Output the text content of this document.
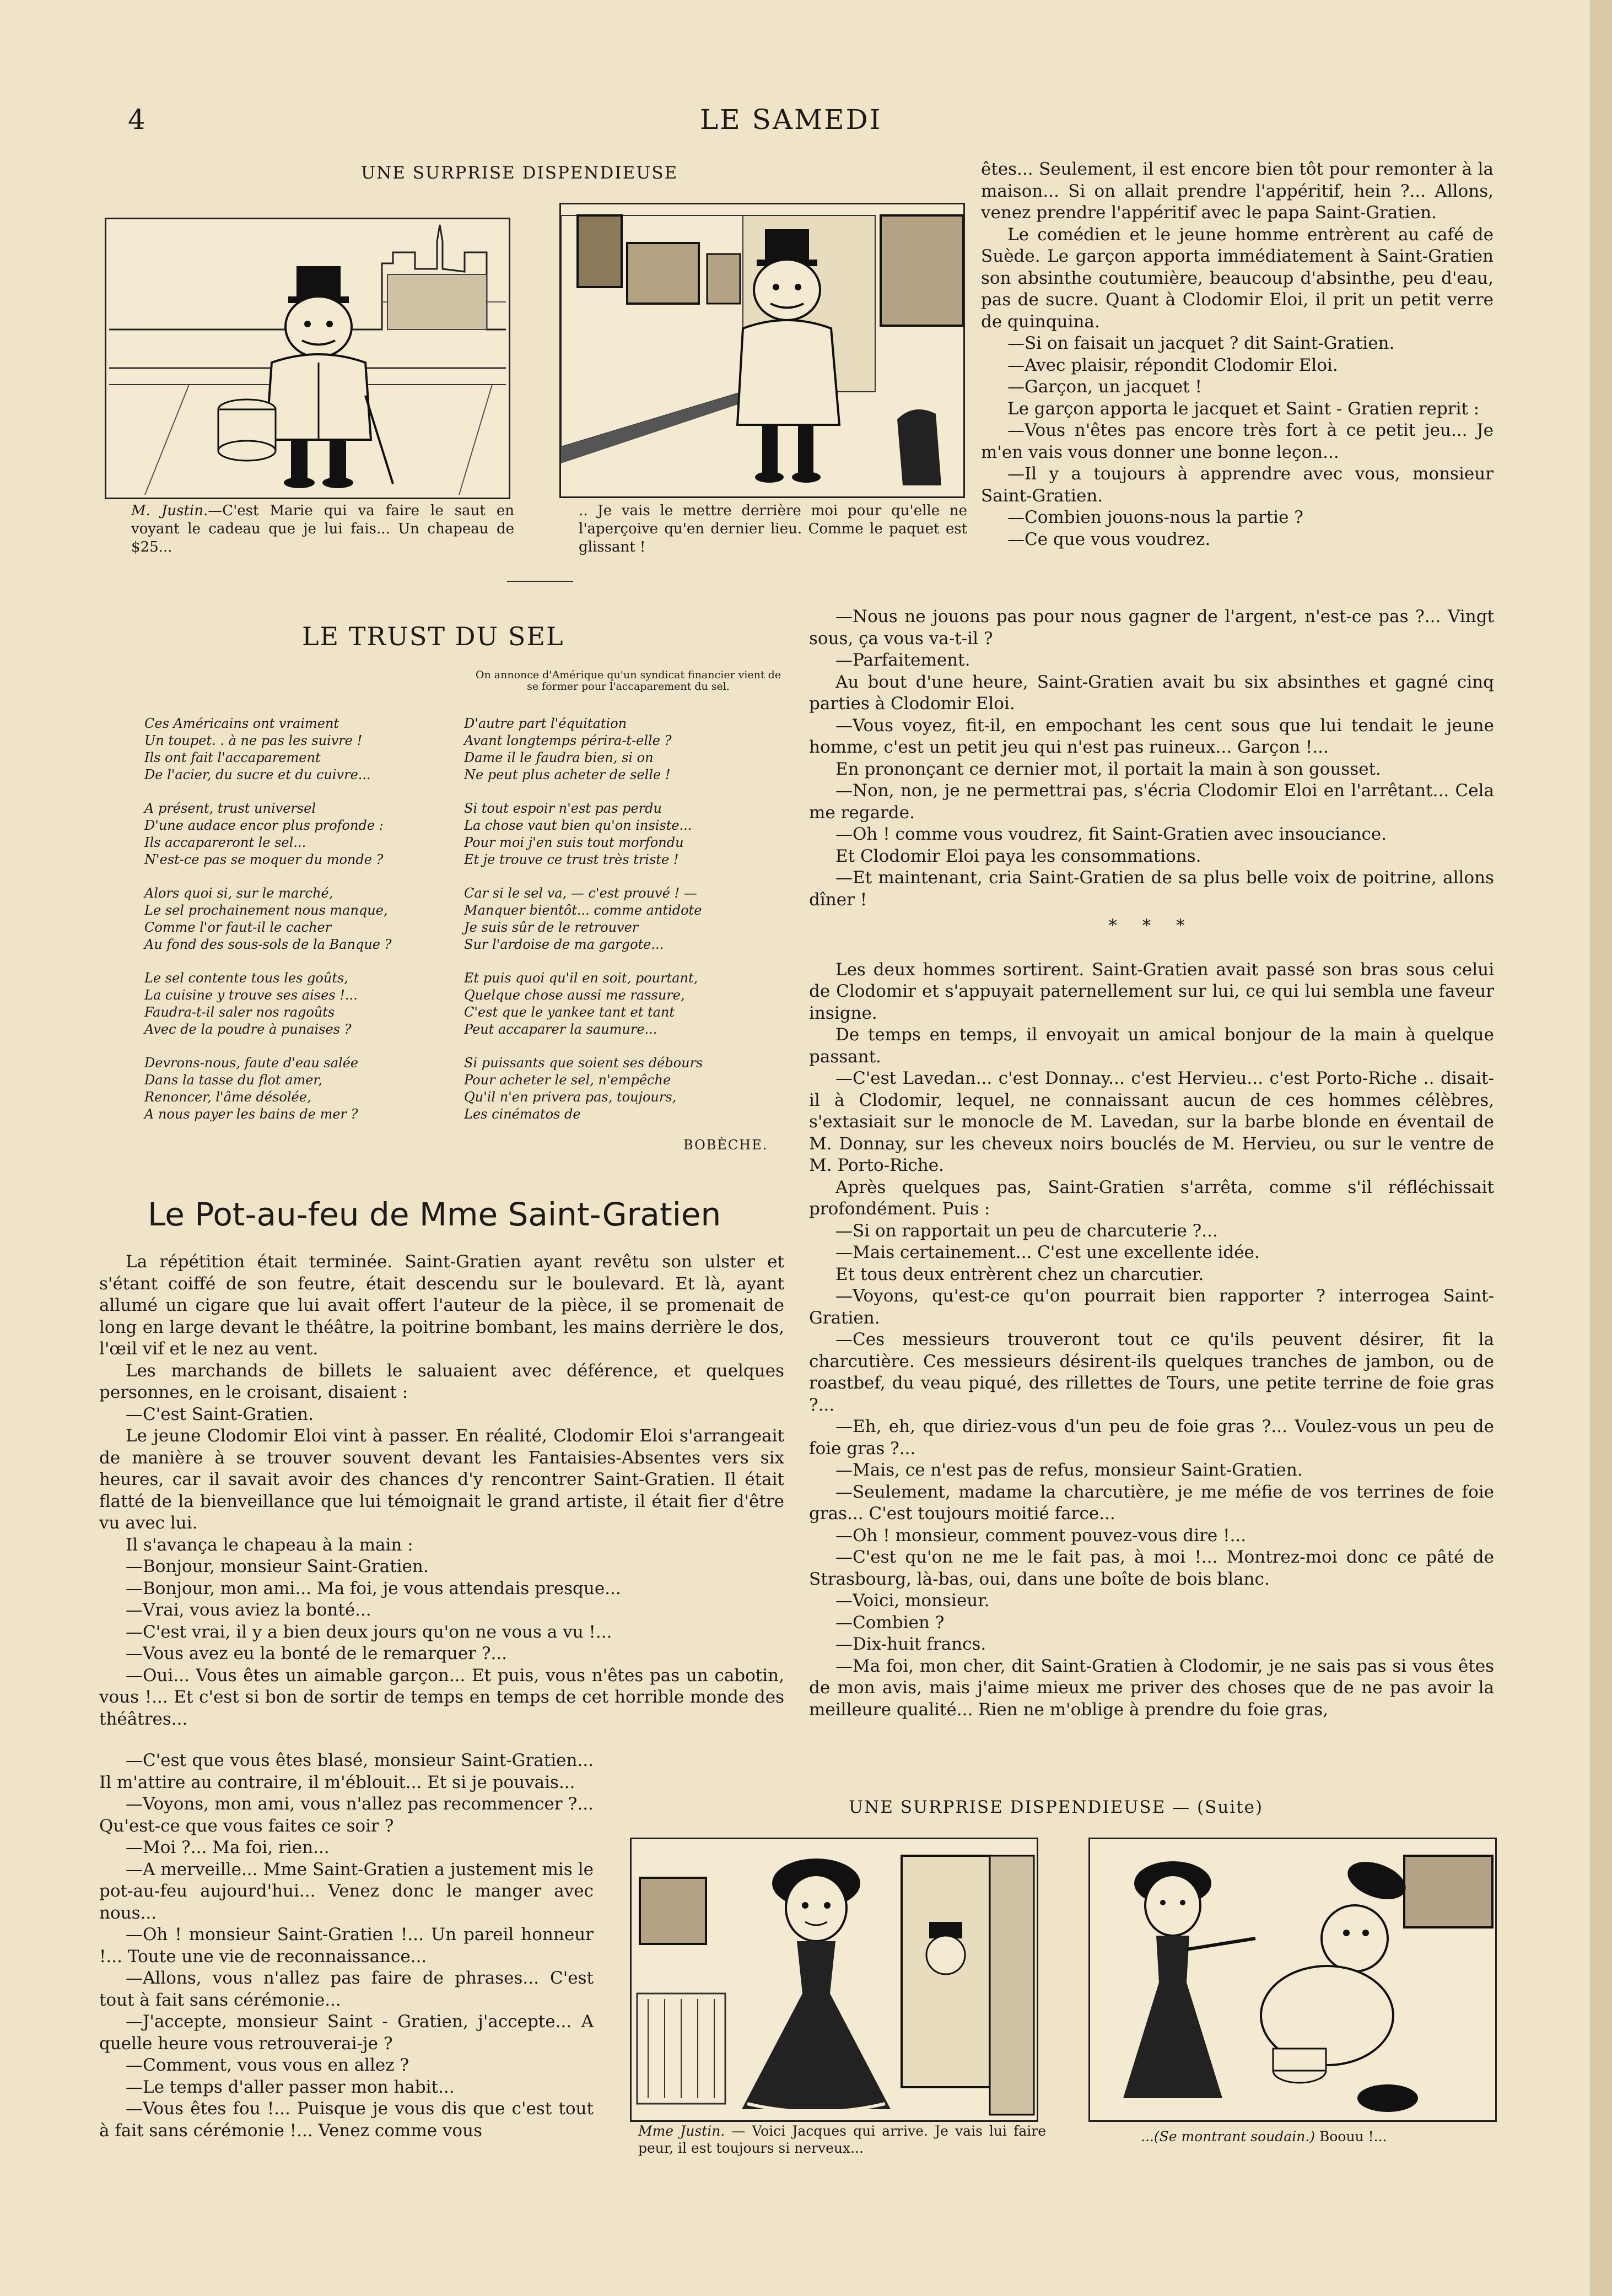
4	LE SAMEDI
UNE SURPRISE DISPENDIEUSE
M. Justin.—C'est Marie qui va faire le saut en voyant le cadeau que je lui fais... Un chapeau de $25...
.. Je vais le mettre derrière moi pour qu'elle ne l'aperçoive qu'en dernier lieu. Comme le paquet est glissant !
LE TRUST DU SEL
On annonce d'Amérique qu'un syndicat financier vient de se former pour l'accaparement du sel.
Ces Américains ont vraiment
Un toupet. . à ne pas les suivre !
Ils ont fait l'accaparement
De l'acier, du sucre et du cuivre...
A présent, trust universel
D'une audace encor plus profonde :
Ils accapareront le sel...
N'est-ce pas se moquer du monde ?
Alors quoi si, sur le marché,
Le sel prochainement nous manque,
Comme l'or faut-il le cacher
Au fond des sous-sols de la Banque ?
Le sel contente tous les goûts,
La cuisine y trouve ses aises !...
Faudra-t-il saler nos ragoûts
Avec de la poudre à punaises ?
Devrons-nous, faute d'eau salée
Dans la tasse du flot amer,
Renoncer, l'âme désolée,
A nous payer les bains de mer ?
D'autre part l'équitation
Avant longtemps périra-t-elle ?
Dame il le faudra bien, si on
Ne peut plus acheter de selle !
Si tout espoir n'est pas perdu
La chose vaut bien qu'on insiste...
Pour moi j'en suis tout morfondu
Et je trouve ce trust très triste !
Car si le sel va, — c'est prouvé ! —
Manquer bientôt... comme antidote
Je suis sûr de le retrouver
Sur l'ardoise de ma gargote...
Et puis quoi qu'il en soit, pourtant,
Quelque chose aussi me rassure,
C'est que le yankee tant et tant
Peut accaparer la saumure...
Si puissants que soient ses débours
Pour acheter le sel, n'empêche
Qu'il n'en privera pas, toujours,
Les cinématos de
BOBÈCHE.
Le Pot-au-feu de Mme Saint-Gratien

La répétition était terminée. Saint-Gratien ayant revêtu son ulster et s'étant coiffé de son feutre, était descendu sur le boulevard. Et là, ayant allumé un cigare que lui avait offert l'auteur de la pièce, il se promenait de long en large devant le théâtre, la poitrine bombant, les mains derrière le dos, l'œil vif et le nez au vent.

Les marchands de billets le saluaient avec déférence, et quelques personnes, en le croisant, disaient :

—C'est Saint-Gratien.

Le jeune Clodomir Eloi vint à passer. En réalité, Clodomir Eloi s'arrangeait de manière à se trouver souvent devant les Fantaisies-Absentes vers six heures, car il savait avoir des chances d'y rencontrer Saint-Gratien. Il était flatté de la bienveillance que lui témoignait le grand artiste, il était fier d'être vu avec lui.

Il s'avança le chapeau à la main :

—Bonjour, monsieur Saint-Gratien.

—Bonjour, mon ami... Ma foi, je vous attendais presque...

—Vrai, vous aviez la bonté...

—C'est vrai, il y a bien deux jours qu'on ne vous a vu !...

—Vous avez eu la bonté de le remarquer ?...

—Oui... Vous êtes un aimable garçon... Et puis, vous n'êtes pas un cabotin, vous !... Et c'est si bon de sortir de temps en temps de cet horrible monde des théâtres...

—C'est que vous êtes blasé, monsieur Saint-Gratien... Il m'attire au contraire, il m'éblouit... Et si je pouvais...

—Voyons, mon ami, vous n'allez pas recommencer ?... Qu'est-ce que vous faites ce soir ?

—Moi ?... Ma foi, rien...

—A merveille... Mme Saint-Gratien a justement mis le pot-au-feu aujourd'hui... Venez donc le manger avec nous...

—Oh ! monsieur Saint-Gratien !... Un pareil honneur !... Toute une vie de reconnaissance...

—Allons, vous n'allez pas faire de phrases... C'est tout à fait sans cérémonie...

—J'accepte, monsieur Saint - Gratien, j'accepte... A quelle heure vous retrouverai-je ?

—Comment, vous vous en allez ?

—Le temps d'aller passer mon habit...

—Vous êtes fou !... Puisque je vous dis que c'est tout à fait sans cérémonie !... Venez comme vous

êtes... Seulement, il est encore bien tôt pour remonter à la maison... Si on allait prendre l'appéritif, hein ?... Allons, venez prendre l'appéritif avec le papa Saint-Gratien.

Le comédien et le jeune homme entrèrent au café de Suède. Le garçon apporta immédiatement à Saint-Gratien son absinthe coutumière, beaucoup d'absinthe, peu d'eau, pas de sucre. Quant à Clodomir Eloi, il prit un petit verre de quinquina.

—Si on faisait un jacquet ? dit Saint-Gratien.

—Avec plaisir, répondit Clodomir Eloi.

—Garçon, un jacquet !

Le garçon apporta le jacquet et Saint - Gratien reprit :

—Vous n'êtes pas encore très fort à ce petit jeu... Je m'en vais vous donner une bonne leçon...

—Il y a toujours à apprendre avec vous, monsieur Saint-Gratien.

—Combien jouons-nous la partie ?

—Ce que vous voudrez.

—Nous ne jouons pas pour nous gagner de l'argent, n'est-ce pas ?... Vingt sous, ça vous va-t-il ?

—Parfaitement.

Au bout d'une heure, Saint-Gratien avait bu six absinthes et gagné cinq parties à Clodomir Eloi.

—Vous voyez, fit-il, en empochant les cent sous que lui tendait le jeune homme, c'est un petit jeu qui n'est pas ruineux... Garçon !...

En prononçant ce dernier mot, il portait la main à son gousset.

—Non, non, je ne permettrai pas, s'écria Clodomir Eloi en l'arrêtant... Cela me regarde.

—Oh ! comme vous voudrez, fit Saint-Gratien avec insouciance.

Et Clodomir Eloi paya les consommations.

—Et maintenant, cria Saint-Gratien de sa plus belle voix de poitrine, allons dîner !

* * *

Les deux hommes sortirent. Saint-Gratien avait passé son bras sous celui de Clodomir et s'appuyait paternellement sur lui, ce qui lui sembla une faveur insigne.

De temps en temps, il envoyait un amical bonjour de la main à quelque passant.

—C'est Lavedan... c'est Donnay... c'est Hervieu... c'est Porto-Riche .. disait-il à Clodomir, lequel, ne connaissant aucun de ces hommes célèbres, s'extasiait sur le monocle de M. Lavedan, sur la barbe blonde en éventail de M. Donnay, sur les cheveux noirs bouclés de M. Hervieu, ou sur le ventre de M. Porto-Riche.

Après quelques pas, Saint-Gratien s'arrêta, comme s'il réfléchissait profondément. Puis :

—Si on rapportait un peu de charcuterie ?...

—Mais certainement... C'est une excellente idée.

Et tous deux entrèrent chez un charcutier.

—Voyons, qu'est-ce qu'on pourrait bien rapporter ? interrogea Saint-Gratien.

—Ces messieurs trouveront tout ce qu'ils peuvent désirer, fit la charcutière. Ces messieurs désirent-ils quelques tranches de jambon, ou de roastbef, du veau piqué, des rillettes de Tours, une petite terrine de foie gras ?...

—Eh, eh, que diriez-vous d'un peu de foie gras ?... Voulez-vous un peu de foie gras ?...

—Mais, ce n'est pas de refus, monsieur Saint-Gratien.

—Seulement, madame la charcutière, je me méfie de vos terrines de foie gras... C'est toujours moitié farce...

—Oh ! monsieur, comment pouvez-vous dire !...

—C'est qu'on ne me le fait pas, à moi !... Montrez-moi donc ce pâté de Strasbourg, là-bas, oui, dans une boîte de bois blanc.

—Voici, monsieur.

—Combien ?

—Dix-huit francs.

—Ma foi, mon cher, dit Saint-Gratien à Clodomir, je ne sais pas si vous êtes de mon avis, mais j'aime mieux me priver des choses que de ne pas avoir la meilleure qualité... Rien ne m'oblige à prendre du foie gras,

UNE SURPRISE DISPENDIEUSE — (Suite)
Mme Justin. — Voici Jacques qui arrive. Je vais lui faire peur, il est toujours si nerveux...
...(Se montrant soudain.) Boouu !...
